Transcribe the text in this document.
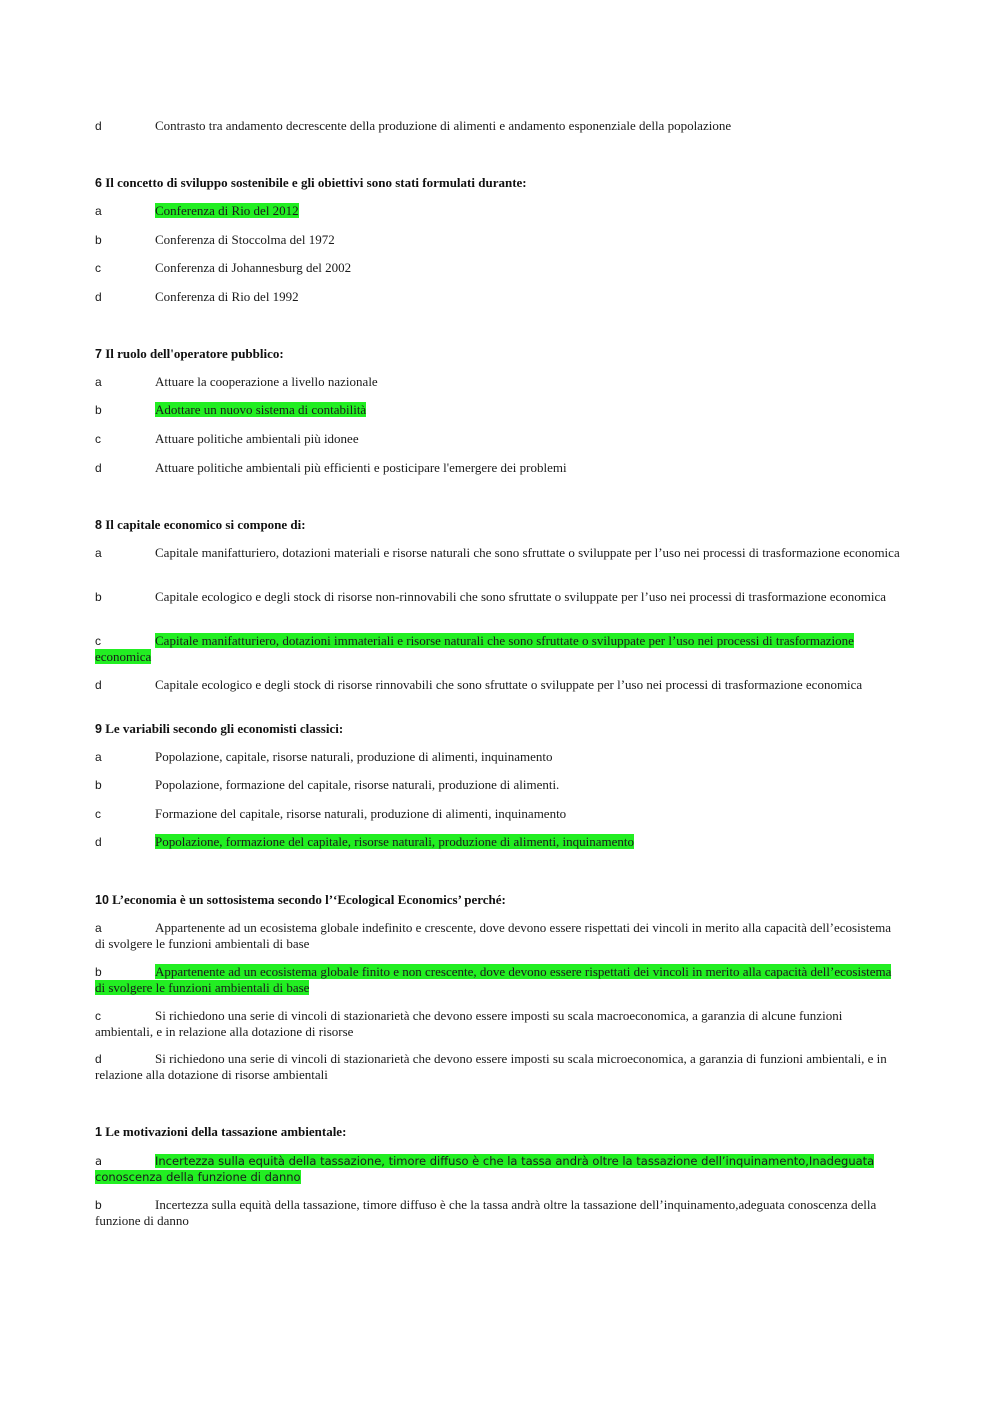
d	Contrasto tra andamento decrescente della produzione di alimenti e andamento esponenziale della popolazione

6 Il concetto di sviluppo sostenibile e gli obiettivi sono stati formulati durante:

a	Conferenza di Rio del 2012

b	Conferenza di Stoccolma del 1972

c	Conferenza di Johannesburg del 2002

d	Conferenza di Rio del 1992

7 Il ruolo dell'operatore pubblico:

a	Attuare la cooperazione a livello nazionale

b	Adottare un nuovo sistema di contabilità

c	Attuare politiche ambientali più idonee

d	Attuare politiche ambientali più efficienti e posticipare l'emergere dei problemi

8 Il capitale economico si compone di:

a	Capitale manifatturiero, dotazioni materiali e risorse naturali che sono sfruttate o sviluppate per l’uso nei processi di trasformazione economica

b	Capitale ecologico e degli stock di risorse non-rinnovabili che sono sfruttate o sviluppate per l’uso nei processi di trasformazione economica

c	Capitale manifatturiero, dotazioni immateriali e risorse naturali che sono sfruttate o sviluppate per l’uso nei processi di trasformazione economica

d	Capitale ecologico e degli stock di risorse rinnovabili che sono sfruttate o sviluppate per l’uso nei processi di trasformazione economica

9 Le variabili secondo gli economisti classici:

a	Popolazione, capitale, risorse naturali, produzione di alimenti, inquinamento

b	Popolazione, formazione del capitale, risorse naturali, produzione di alimenti.

c	Formazione del capitale, risorse naturali, produzione di alimenti, inquinamento

d	Popolazione, formazione del capitale, risorse naturali, produzione di alimenti, inquinamento

10 L’economia è un sottosistema secondo l’‘Ecological Economics’ perché:

a	Appartenente ad un ecosistema globale indefinito e crescente, dove devono essere rispettati dei vincoli in merito alla capacità dell’ecosistema di svolgere le funzioni ambientali di base

b	Appartenente ad un ecosistema globale finito e non crescente, dove devono essere rispettati dei vincoli in merito alla capacità dell’ecosistema di svolgere le funzioni ambientali di base

c	Si richiedono una serie di vincoli di stazionarietà che devono essere imposti su scala macroeconomica, a garanzia di alcune funzioni ambientali, e in relazione alla dotazione di risorse

d	Si richiedono una serie di vincoli di stazionarietà che devono essere imposti su scala microeconomica, a garanzia di funzioni ambientali, e in relazione alla dotazione di risorse ambientali

1 Le motivazioni della tassazione ambientale:

a	Incertezza sulla equità della tassazione, timore diffuso è che la tassa andrà oltre la tassazione dell’inquinamento,Inadeguata conoscenza della funzione di danno

b	Incertezza sulla equità della tassazione, timore diffuso è che la tassa andrà oltre la tassazione dell’inquinamento,adeguata conoscenza della funzione di danno
